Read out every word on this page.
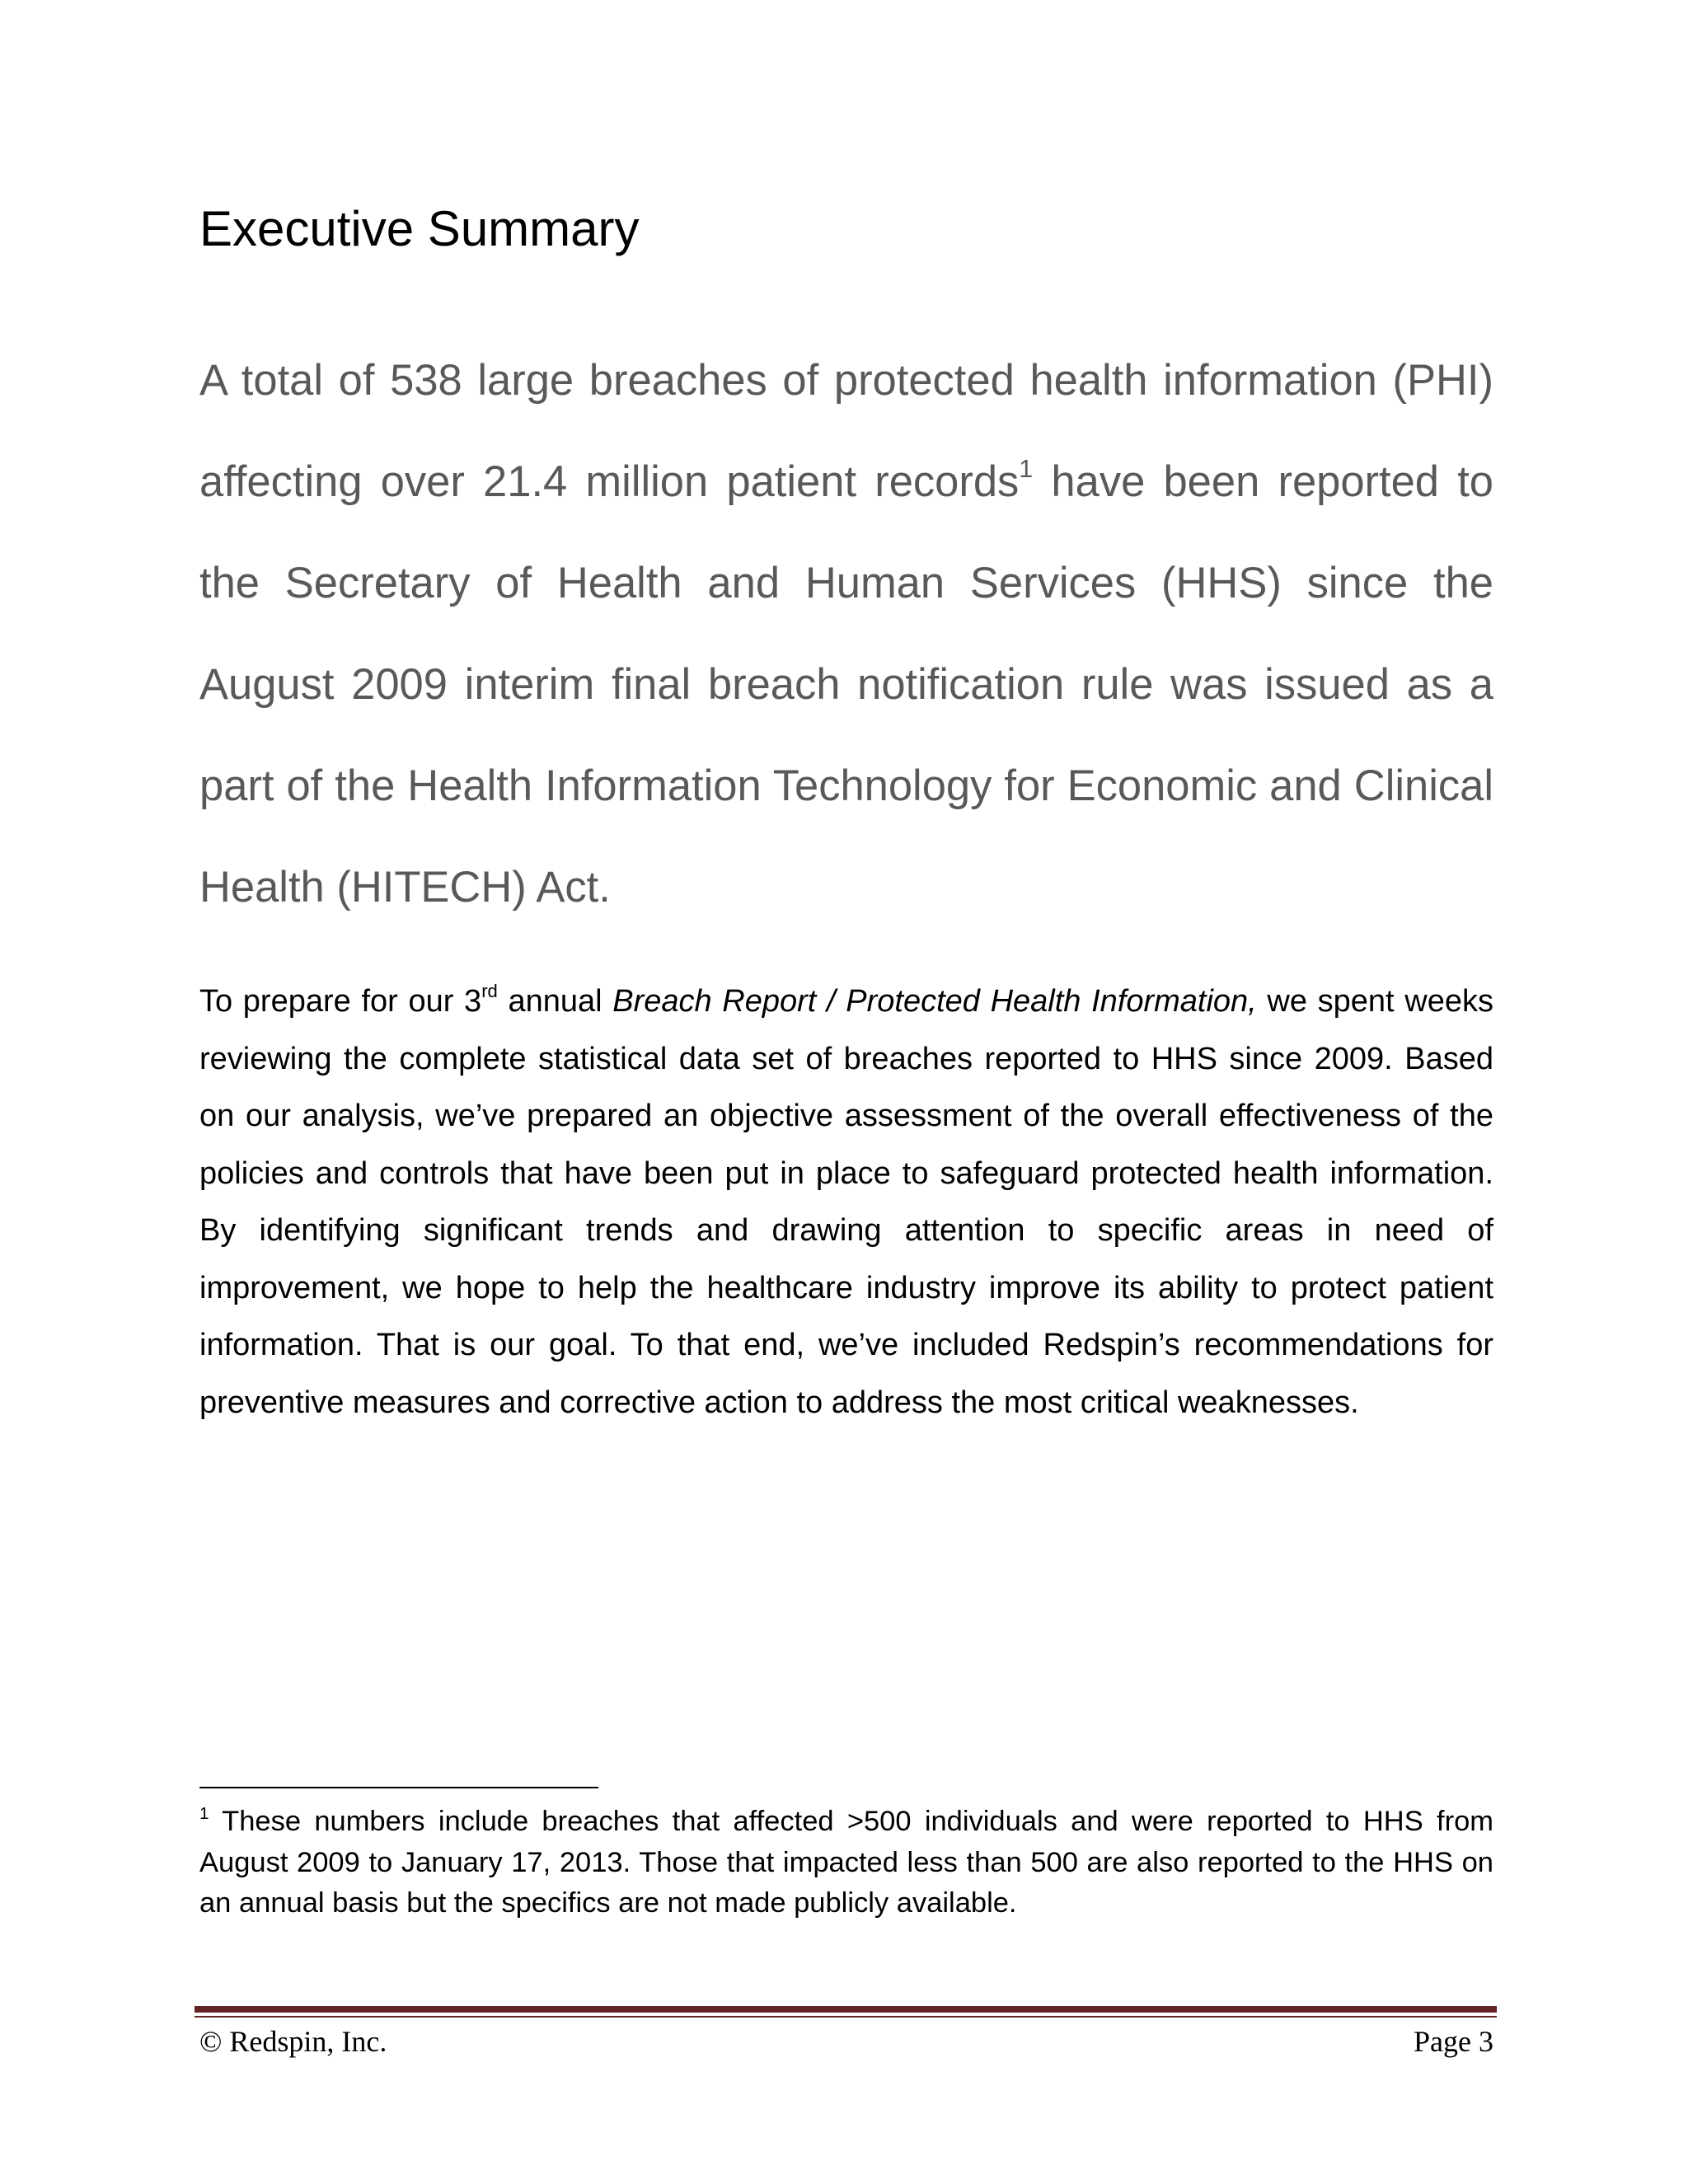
Executive Summary

A total of 538 large breaches of protected health information (PHI) affecting over 21.4 million patient records$^1$ have been reported to the Secretary of Health and Human Services (HHS) since the August 2009 interim final breach notification rule was issued as a part of the Health Information Technology for Economic and Clinical Health (HITECH) Act.

To prepare for our 3rd annual Breach Report / Protected Health Information, we spent weeks reviewing the complete statistical data set of breaches reported to HHS since 2009. Based on our analysis, we’ve prepared an objective assessment of the overall effectiveness of the policies and controls that have been put in place to safeguard protected health information. By identifying significant trends and drawing attention to specific areas in need of improvement, we hope to help the healthcare industry improve its ability to protect patient information. That is our goal. To that end, we’ve included Redspin’s recommendations for preventive measures and corrective action to address the most critical weaknesses.

$^1$ These numbers include breaches that affected >500 individuals and were reported to HHS from August 2009 to January 17, 2013. Those that impacted less than 500 are also reported to the HHS on an annual basis but the specifics are not made publicly available.

© Redspin, Inc.	Page 3
